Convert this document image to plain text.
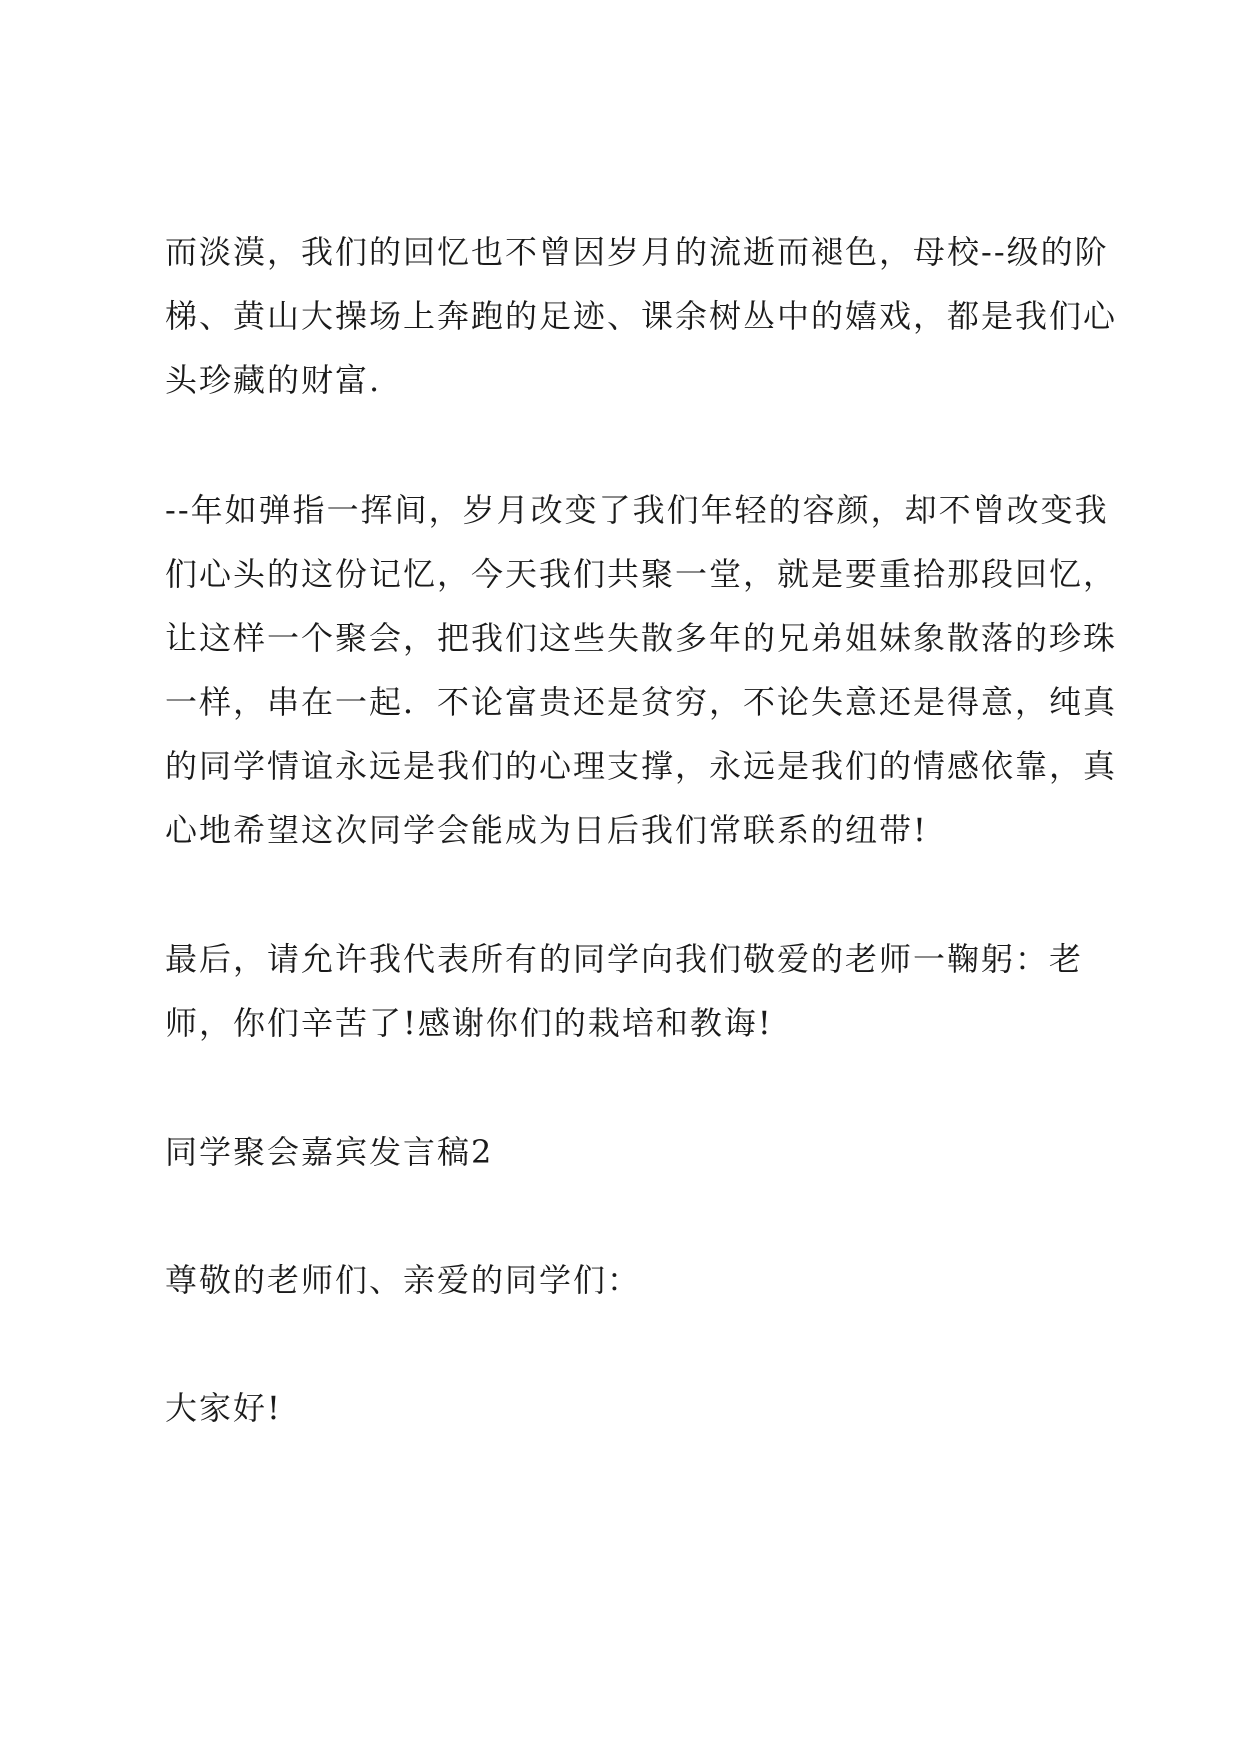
而淡漠，我们的回忆也不曾因岁月的流逝而褪色，母校--级的阶
梯、黄山大操场上奔跑的足迹、课余树丛中的嬉戏，都是我们心
头珍藏的财富.

--年如弹指一挥间，岁月改变了我们年轻的容颜，却不曾改变我
们心头的这份记忆，今天我们共聚一堂，就是要重拾那段回忆，
让这样一个聚会，把我们这些失散多年的兄弟姐妹象散落的珍珠
一样，串在一起．不论富贵还是贫穷，不论失意还是得意，纯真
的同学情谊永远是我们的心理支撑，永远是我们的情感依靠，真
心地希望这次同学会能成为日后我们常联系的纽带!

最后，请允许我代表所有的同学向我们敬爱的老师一鞠躬：老
师，你们辛苦了!感谢你们的栽培和教诲!

同学聚会嘉宾发言稿2

尊敬的老师们、亲爱的同学们：

大家好!
